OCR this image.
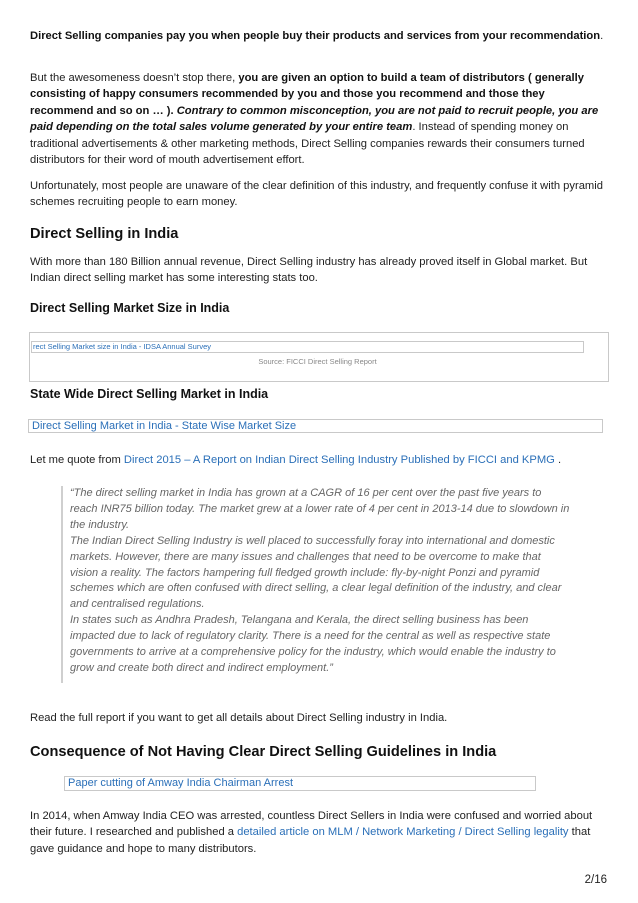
Direct Selling companies pay you when people buy their products and services from your recommendation.

But the awesomeness doesn’t stop there, you are given an option to build a team of distributors ( generally consisting of happy consumers recommended by you and those you recommend and those they recommend and so on … ). Contrary to common misconception, you are not paid to recruit people, you are paid depending on the total sales volume generated by your entire team. Instead of spending money on traditional advertisements & other marketing methods, Direct Selling companies rewards their consumers turned distributors for their word of mouth advertisement effort.

Unfortunately, most people are unaware of the clear definition of this industry, and frequently confuse it with pyramid schemes recruiting people to earn money.

Direct Selling in India

With more than 180 Billion annual revenue, Direct Selling industry has already proved itself in Global market. But Indian direct selling market has some interesting stats too.

Direct Selling Market Size in India
rect Selling Market size in India - IDSA Annual Survey
Source: FICCI Direct Selling Report
State Wide Direct Selling Market in India
Direct Selling Market in India - State Wise Market Size

Let me quote from Direct 2015 – A Report on Indian Direct Selling Industry Published by FICCI and KPMG .

“The direct selling market in India has grown at a CAGR of 16 per cent over the past five years to reach INR75 billion today. The market grew at a lower rate of 4 per cent in 2013-14 due to slowdown in the industry.

The Indian Direct Selling Industry is well placed to successfully foray into international and domestic markets. However, there are many issues and challenges that need to be overcome to make that vision a reality. The factors hampering full fledged growth include: fly-by-night Ponzi and pyramid schemes which are often confused with direct selling, a clear legal definition of the industry, and clear and centralised regulations.

In states such as Andhra Pradesh, Telangana and Kerala, the direct selling business has been impacted due to lack of regulatory clarity. There is a need for the central as well as respective state governments to arrive at a comprehensive policy for the industry, which would enable the industry to grow and create both direct and indirect employment.”

Read the full report if you want to get all details about Direct Selling industry in India.

Consequence of Not Having Clear Direct Selling Guidelines in India
Paper cutting of Amway India Chairman Arrest

In 2014, when Amway India CEO was arrested, countless Direct Sellers in India were confused and worried about their future. I researched and published a detailed article on MLM / Network Marketing / Direct Selling legality that gave guidance and hope to many distributors.

2/16
